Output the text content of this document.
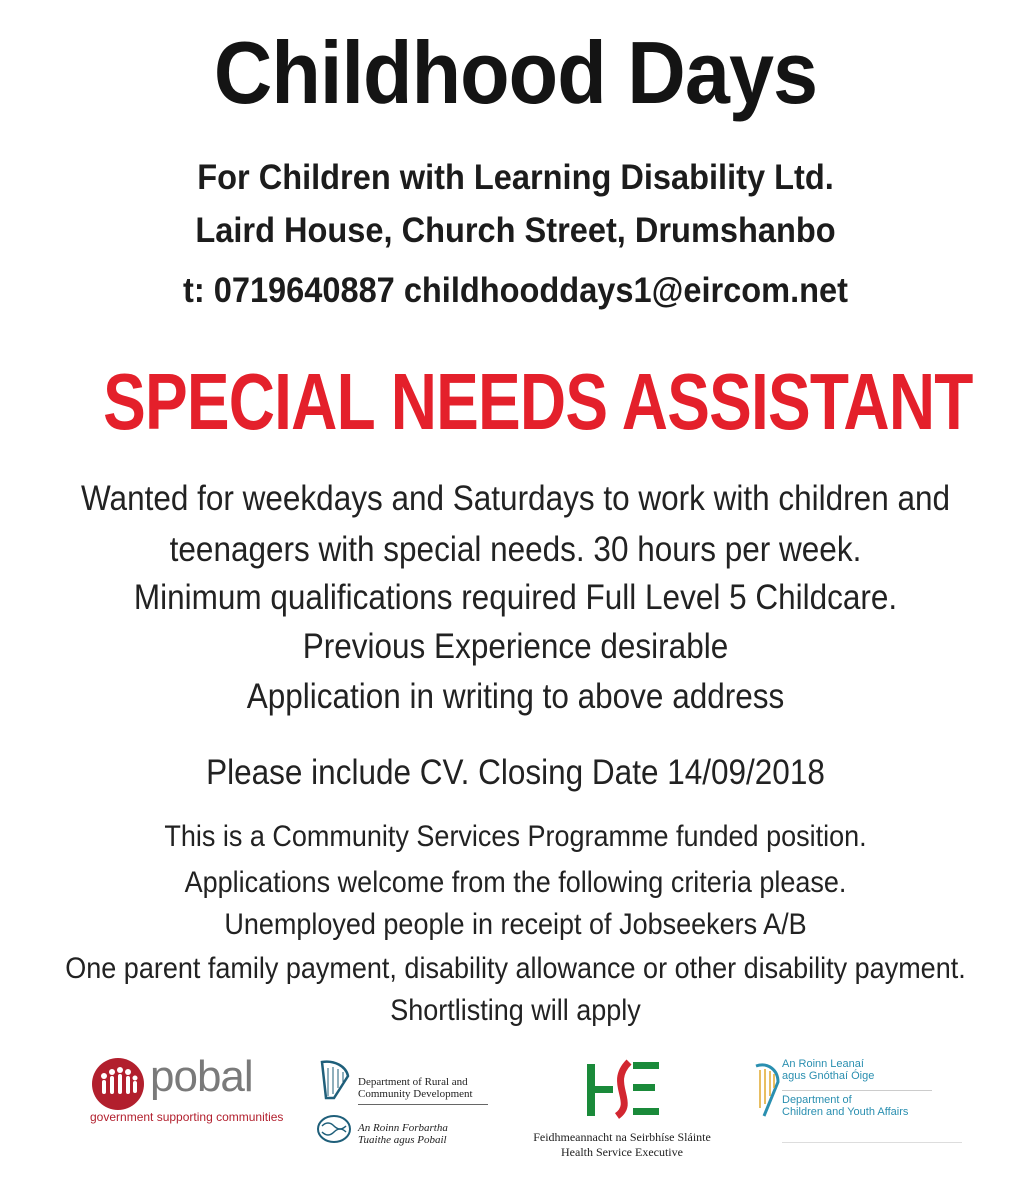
Childhood Days
For Children with Learning Disability Ltd.
Laird House, Church Street, Drumshanbo
t: 0719640887 childhooddays1@eircom.net
SPECIAL NEEDS ASSISTANT
Wanted for weekdays and Saturdays to work with children and
teenagers with special needs. 30 hours per week.
Minimum qualifications required Full Level 5 Childcare.
Previous Experience desirable
Application in writing to above address
Please include CV. Closing Date 14/09/2018
This is a Community Services Programme funded position.
Applications welcome from the following criteria please.
Unemployed people in receipt of Jobseekers A/B
One parent family payment, disability allowance or other disability payment.
Shortlisting will apply
pobal
government supporting communities
Department of Rural and
Community Development
An Roinn Forbartha
Tuaithe agus Pobail	Feidhmeannacht na Seirbhíse Sláinte
Health Service Executive
An Roinn Leanaí
agus Gnóthaí Óige
Department of
Children and Youth Affairs
